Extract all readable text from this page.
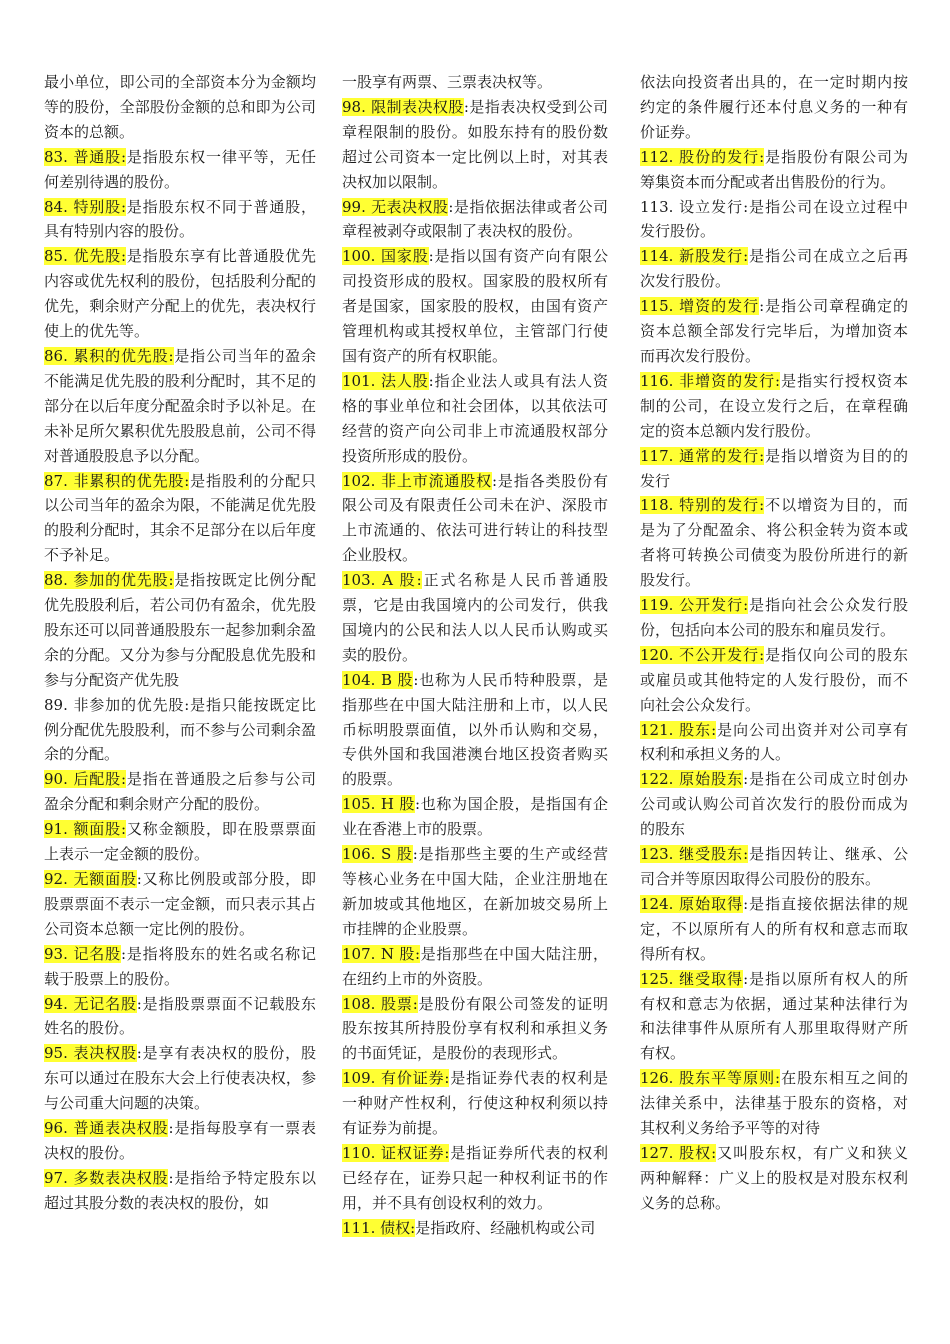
最小单位，即公司的全部资本分为金额均等的股份，全部股份金额的总和即为公司资本的总额。

83. 普通股:是指股东权一律平等，无任何差别待遇的股份。

84. 特别股:是指股东权不同于普通股，具有特别内容的股份。

85. 优先股:是指股东享有比普通股优先内容或优先权利的股份，包括股利分配的优先，剩余财产分配上的优先，表决权行使上的优先等。

86. 累积的优先股:是指公司当年的盈余不能满足优先股的股利分配时，其不足的部分在以后年度分配盈余时予以补足。在未补足所欠累积优先股股息前，公司不得对普通股股息予以分配。

87. 非累积的优先股:是指股利的分配只以公司当年的盈余为限，不能满足优先股的股利分配时，其余不足部分在以后年度不予补足。

88. 参加的优先股:是指按既定比例分配优先股股利后，若公司仍有盈余，优先股股东还可以同普通股股东一起参加剩余盈余的分配。又分为参与分配股息优先股和参与分配资产优先股

89. 非参加的优先股:是指只能按既定比例分配优先股股利，而不参与公司剩余盈余的分配。

90. 后配股:是指在普通股之后参与公司盈余分配和剩余财产分配的股份。

91. 额面股:又称金额股，即在股票票面上表示一定金额的股份。

92. 无额面股:又称比例股或部分股，即股票票面不表示一定金额，而只表示其占公司资本总额一定比例的股份。

93. 记名股:是指将股东的姓名或名称记载于股票上的股份。

94. 无记名股:是指股票票面不记载股东姓名的股份。

95. 表决权股:是享有表决权的股份，股东可以通过在股东大会上行使表决权，参与公司重大问题的决策。

96. 普通表决权股:是指每股享有一票表决权的股份。

97. 多数表决权股:是指给予特定股东以超过其股分数的表决权的股份，如

一股享有两票、三票表决权等。

98. 限制表决权股:是指表决权受到公司章程限制的股份。如股东持有的股份数超过公司资本一定比例以上时，对其表决权加以限制。

99. 无表决权股:是指依据法律或者公司章程被剥夺或限制了表决权的股份。

100. 国家股:是指以国有资产向有限公司投资形成的股权。国家股的股权所有者是国家，国家股的股权，由国有资产管理机构或其授权单位，主管部门行使国有资产的所有权职能。

101. 法人股:指企业法人或具有法人资格的事业单位和社会团体，以其依法可经营的资产向公司非上市流通股权部分投资所形成的股份。

102. 非上市流通股权:是指各类股份有限公司及有限责任公司未在沪、深股市上市流通的、依法可进行转让的科技型企业股权。

103. A 股:正式名称是人民币普通股票，它是由我国境内的公司发行，供我国境内的公民和法人以人民币认购或买卖的股份。

104. B 股:也称为人民币特种股票，是指那些在中国大陆注册和上市，以人民币标明股票面值，以外币认购和交易，专供外国和我国港澳台地区投资者购买的股票。

105. H 股:也称为国企股，是指国有企业在香港上市的股票。

106. S 股:是指那些主要的生产或经营等核心业务在中国大陆，企业注册地在新加坡或其他地区，在新加坡交易所上市挂牌的企业股票。

107. N 股:是指那些在中国大陆注册，在纽约上市的外资股。

108. 股票:是股份有限公司签发的证明股东按其所持股份享有权利和承担义务的书面凭证，是股份的表现形式。

109. 有价证券:是指证券代表的权利是一种财产性权利，行使这种权利须以持有证券为前提。

110. 证权证券:是指证券所代表的权利已经存在，证券只起一种权利证书的作用，并不具有创设权利的效力。

111. 债权:是指政府、经融机构或公司

依法向投资者出具的，在一定时期内按约定的条件履行还本付息义务的一种有价证券。

112. 股份的发行:是指股份有限公司为筹集资本而分配或者出售股份的行为。

113. 设立发行:是指公司在设立过程中发行股份。

114. 新股发行:是指公司在成立之后再次发行股份。

115. 增资的发行:是指公司章程确定的资本总额全部发行完毕后，为增加资本而再次发行股份。

116. 非增资的发行:是指实行授权资本制的公司，在设立发行之后，在章程确定的资本总额内发行股份。

117. 通常的发行:是指以增资为目的的发行

118. 特别的发行:不以增资为目的，而是为了分配盈余、将公积金转为资本或者将可转换公司债变为股份所进行的新股发行。

119. 公开发行:是指向社会公众发行股份，包括向本公司的股东和雇员发行。

120. 不公开发行:是指仅向公司的股东或雇员或其他特定的人发行股份，而不向社会公众发行。

121. 股东:是向公司出资并对公司享有权利和承担义务的人。

122. 原始股东:是指在公司成立时创办公司或认购公司首次发行的股份而成为的股东

123. 继受股东:是指因转让、继承、公司合并等原因取得公司股份的股东。

124. 原始取得:是指直接依据法律的规定，不以原所有人的所有权和意志而取得所有权。

125. 继受取得:是指以原所有权人的所有权和意志为依据，通过某种法律行为和法律事件从原所有人那里取得财产所有权。

126. 股东平等原则:在股东相互之间的法律关系中，法律基于股东的资格，对其权利义务给予平等的对待

127. 股权:又叫股东权，有广义和狭义两种解释：广义上的股权是对股东权利义务的总称。
